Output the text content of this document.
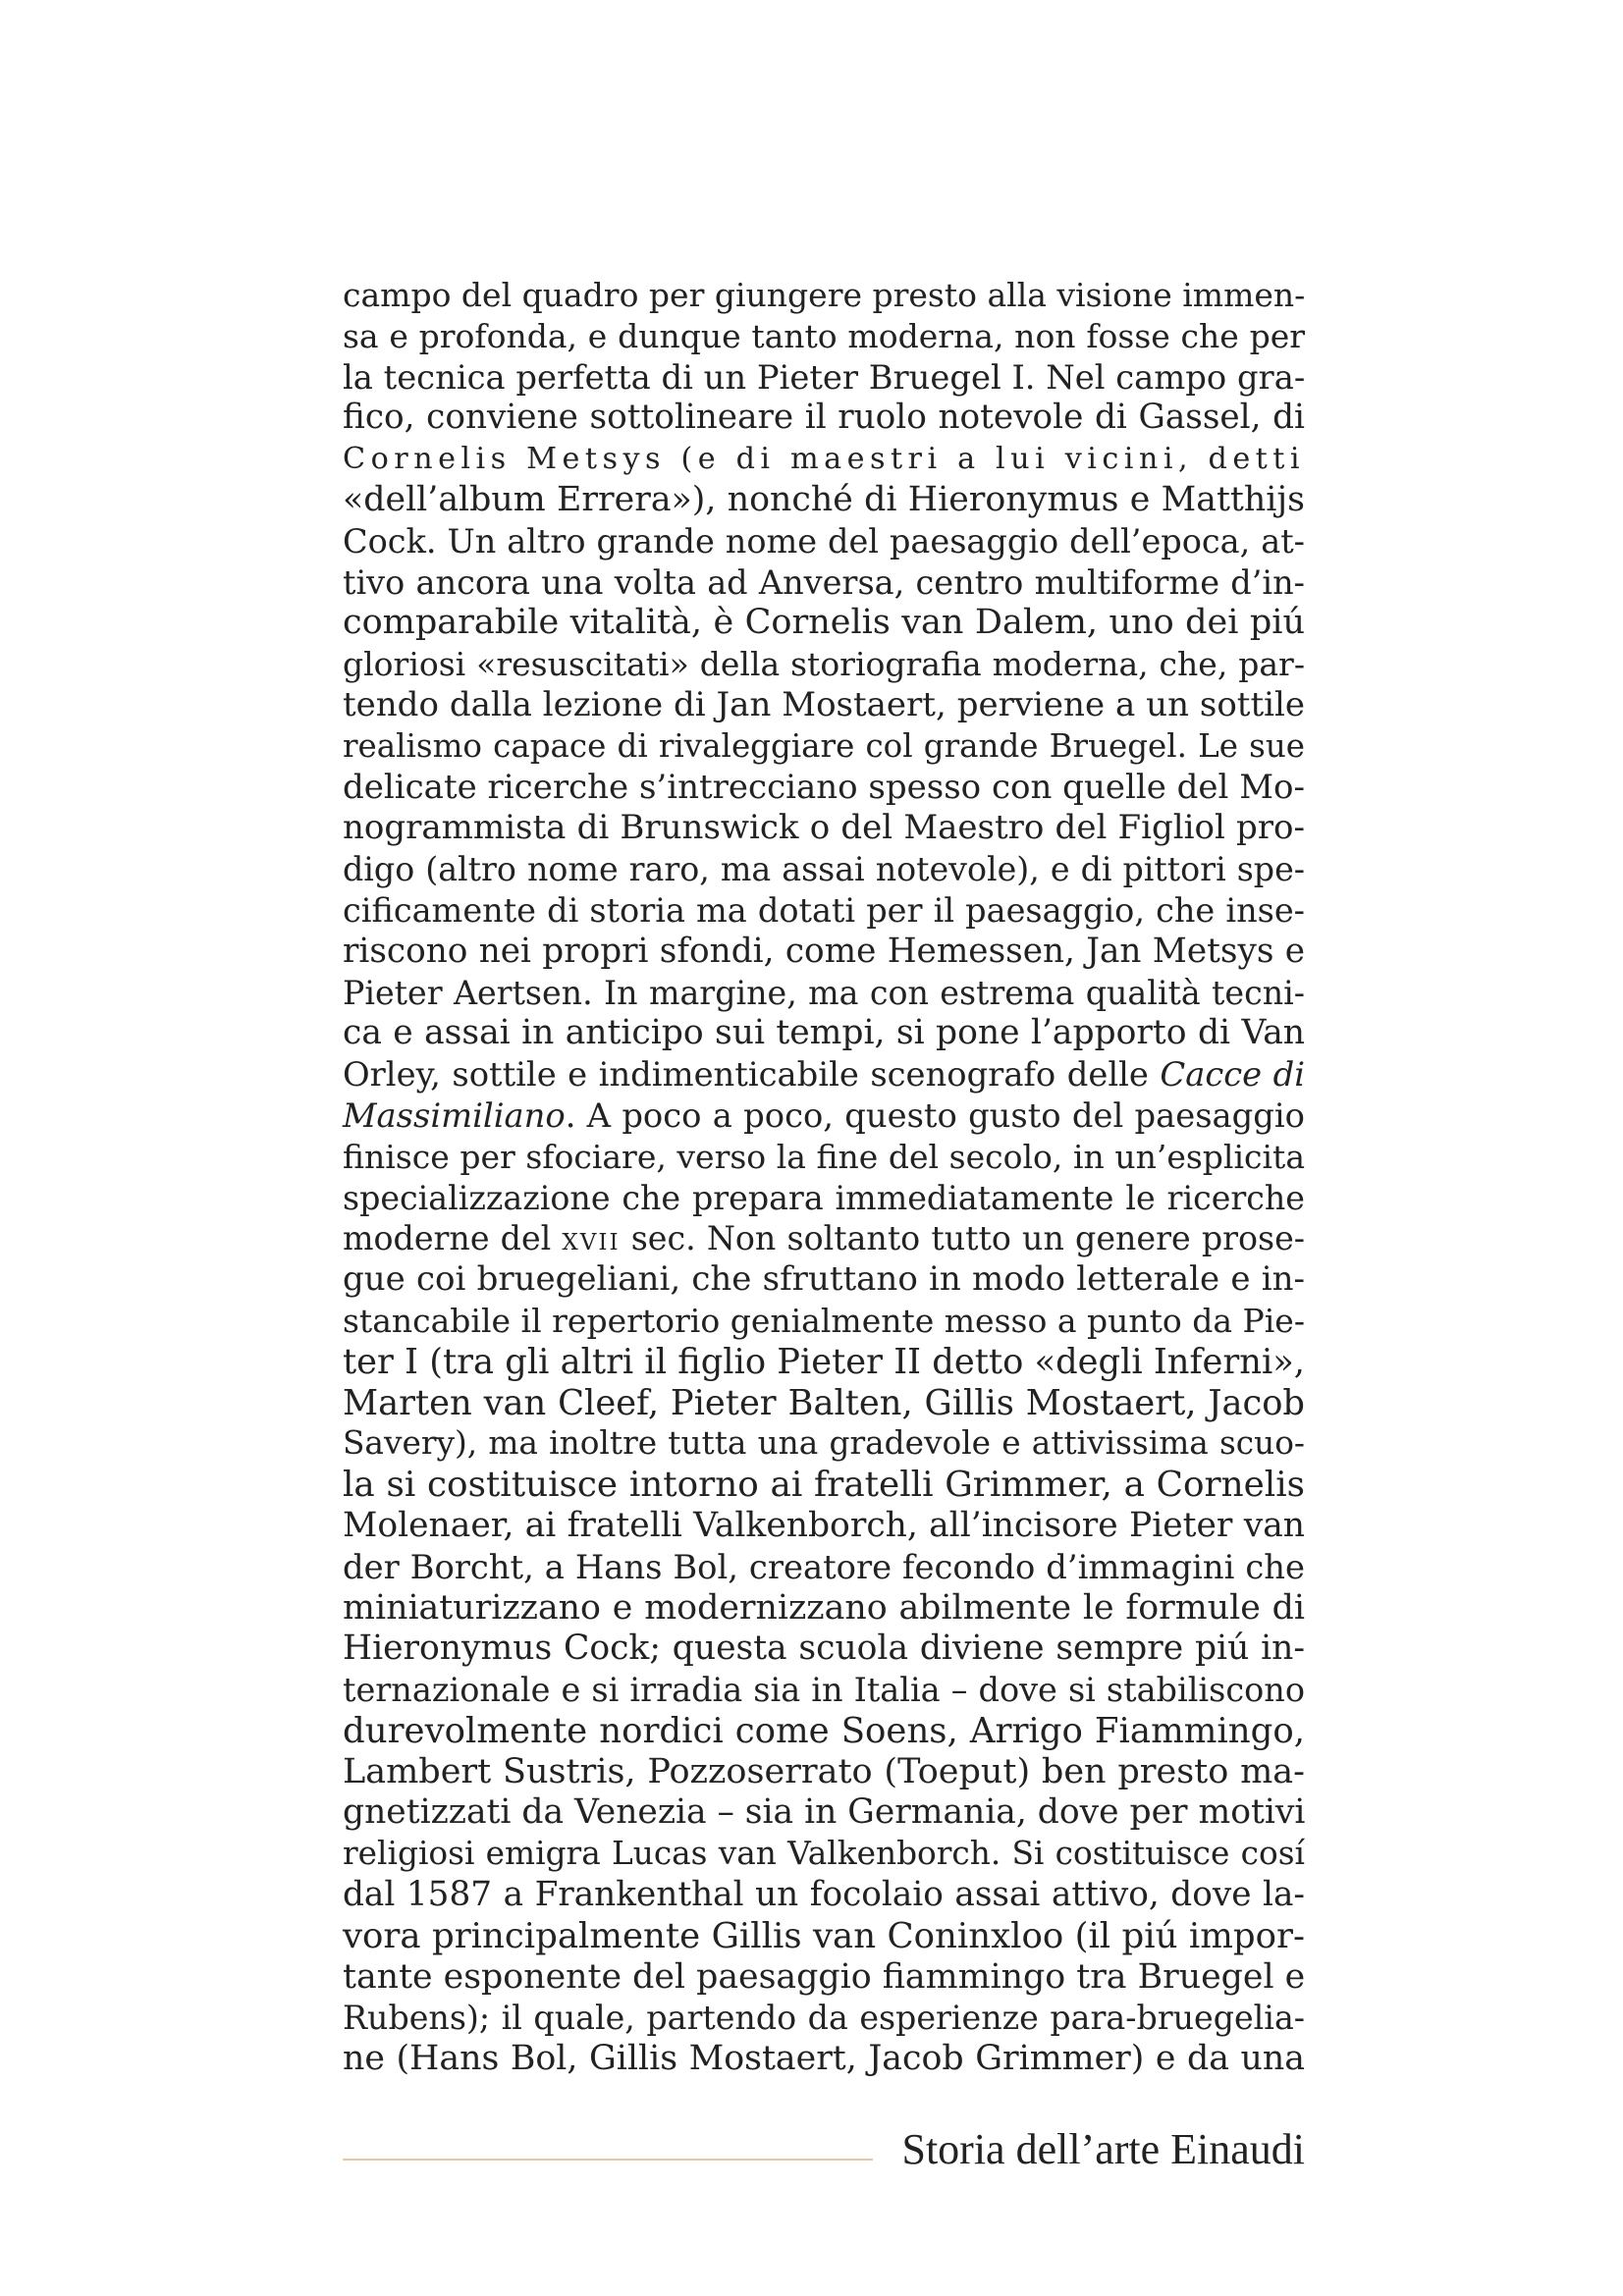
campo del quadro per giungere presto alla visione immen-
sa e profonda, e dunque tanto moderna, non fosse che per
la tecnica perfetta di un Pieter Bruegel I. Nel campo gra-
fico, conviene sottolineare il ruolo notevole di Gassel, di
Cornelis Metsys (e di maestri a lui vicini, detti
«dell’album Errera»), nonché di Hieronymus e Matthijs
Cock. Un altro grande nome del paesaggio dell’epoca, at-
tivo ancora una volta ad Anversa, centro multiforme d’in-
comparabile vitalità, è Cornelis van Dalem, uno dei piú
gloriosi «resuscitati» della storiografia moderna, che, par-
tendo dalla lezione di Jan Mostaert, perviene a un sottile
realismo capace di rivaleggiare col grande Bruegel. Le sue
delicate ricerche s’intrecciano spesso con quelle del Mo-
nogrammista di Brunswick o del Maestro del Figliol pro-
digo (altro nome raro, ma assai notevole), e di pittori spe-
cificamente di storia ma dotati per il paesaggio, che inse-
riscono nei propri sfondi, come Hemessen, Jan Metsys e
Pieter Aertsen. In margine, ma con estrema qualità tecni-
ca e assai in anticipo sui tempi, si pone l’apporto di Van
Orley, sottile e indimenticabile scenografo delle Cacce di
Massimiliano. A poco a poco, questo gusto del paesaggio
finisce per sfociare, verso la fine del secolo, in un’esplicita
specializzazione che prepara immediatamente le ricerche
moderne del xvii sec. Non soltanto tutto un genere prose-
gue coi bruegeliani, che sfruttano in modo letterale e in-
stancabile il repertorio genialmente messo a punto da Pie-
ter I (tra gli altri il figlio Pieter II detto «degli Inferni»,
Marten van Cleef, Pieter Balten, Gillis Mostaert, Jacob
Savery), ma inoltre tutta una gradevole e attivissima scuo-
la si costituisce intorno ai fratelli Grimmer, a Cornelis
Molenaer, ai fratelli Valkenborch, all’incisore Pieter van
der Borcht, a Hans Bol, creatore fecondo d’immagini che
miniaturizzano e modernizzano abilmente le formule di
Hieronymus Cock; questa scuola diviene sempre piú in-
ternazionale e si irradia sia in Italia – dove si stabiliscono
durevolmente nordici come Soens, Arrigo Fiammingo,
Lambert Sustris, Pozzoserrato (Toeput) ben presto ma-
gnetizzati da Venezia – sia in Germania, dove per motivi
religiosi emigra Lucas van Valkenborch. Si costituisce cosí
dal 1587 a Frankenthal un focolaio assai attivo, dove la-
vora principalmente Gillis van Coninxloo (il piú impor-
tante esponente del paesaggio fiammingo tra Bruegel e
Rubens); il quale, partendo da esperienze para-bruegelia-
ne (Hans Bol, Gillis Mostaert, Jacob Grimmer) e da una
Storia dell’arte Einaudi
